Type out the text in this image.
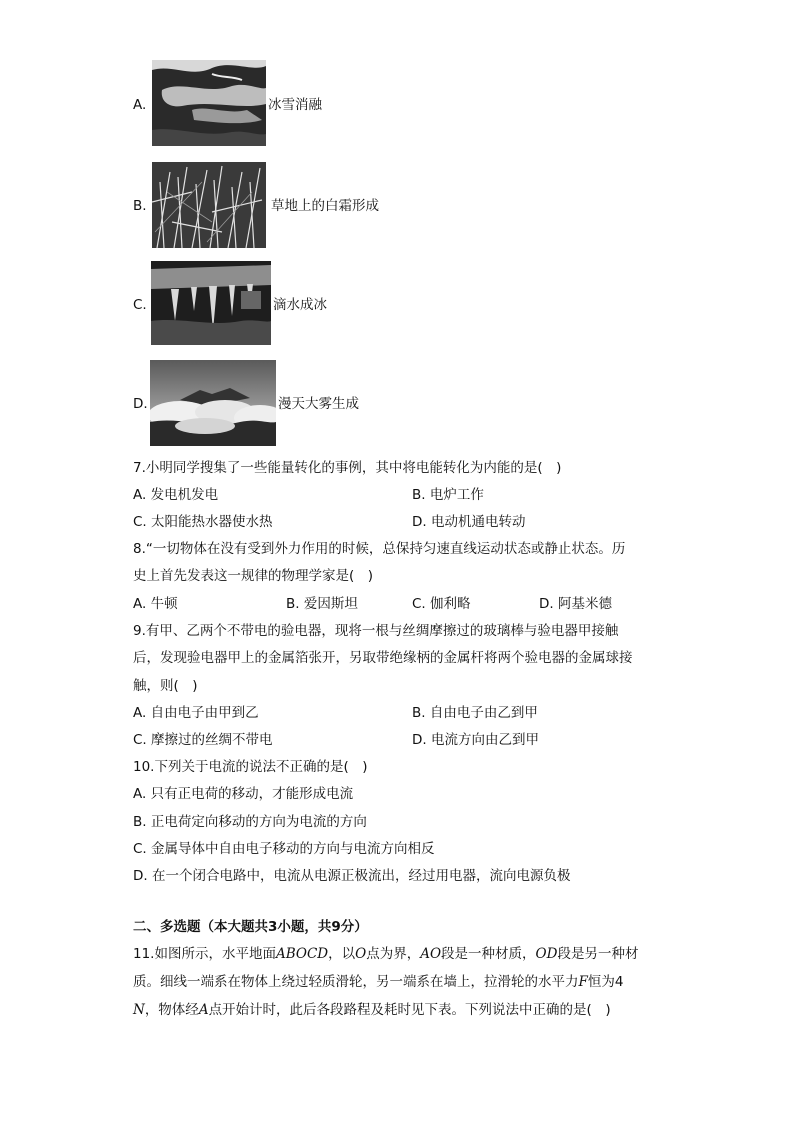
A.	冰雪消融
B.	草地上的白霜形成
C.	滴水成冰
D.	漫天大雾生成
7.小明同学搜集了一些能量转化的事例，其中将电能转化为内能的是(　)
A. 发电机发电	B. 电炉工作
C. 太阳能热水器使水热	D. 电动机通电转动
8.“一切物体在没有受到外力作用的时候，总保持匀速直线运动状态或静止状态。历
史上首先发表这一规律的物理学家是(　)
A. 牛顿	B. 爱因斯坦	C. 伽利略	D. 阿基米德
9.有甲、乙两个不带电的验电器，现将一根与丝绸摩擦过的玻璃棒与验电器甲接触
后，发现验电器甲上的金属箔张开，另取带绝缘柄的金属杆将两个验电器的金属球接
触，则(　)
A. 自由电子由甲到乙	B. 自由电子由乙到甲
C. 摩擦过的丝绸不带电	D. 电流方向由乙到甲
10.下列关于电流的说法不正确的是(　)
A. 只有正电荷的移动，才能形成电流
B. 正电荷定向移动的方向为电流的方向
C. 金属导体中自由电子移动的方向与电流方向相反
D. 在一个闭合电路中，电流从电源正极流出，经过用电器，流向电源负极
二、多选题（本大题共3小题，共9分）
11.如图所示，水平地面ABOCD，以O点为界，AO段是一种材质，OD段是另一种材
质。细线一端系在物体上绕过轻质滑轮，另一端系在墙上，拉滑轮的水平力F恒为4
N，物体经A点开始计时，此后各段路程及耗时见下表。下列说法中正确的是(　)
